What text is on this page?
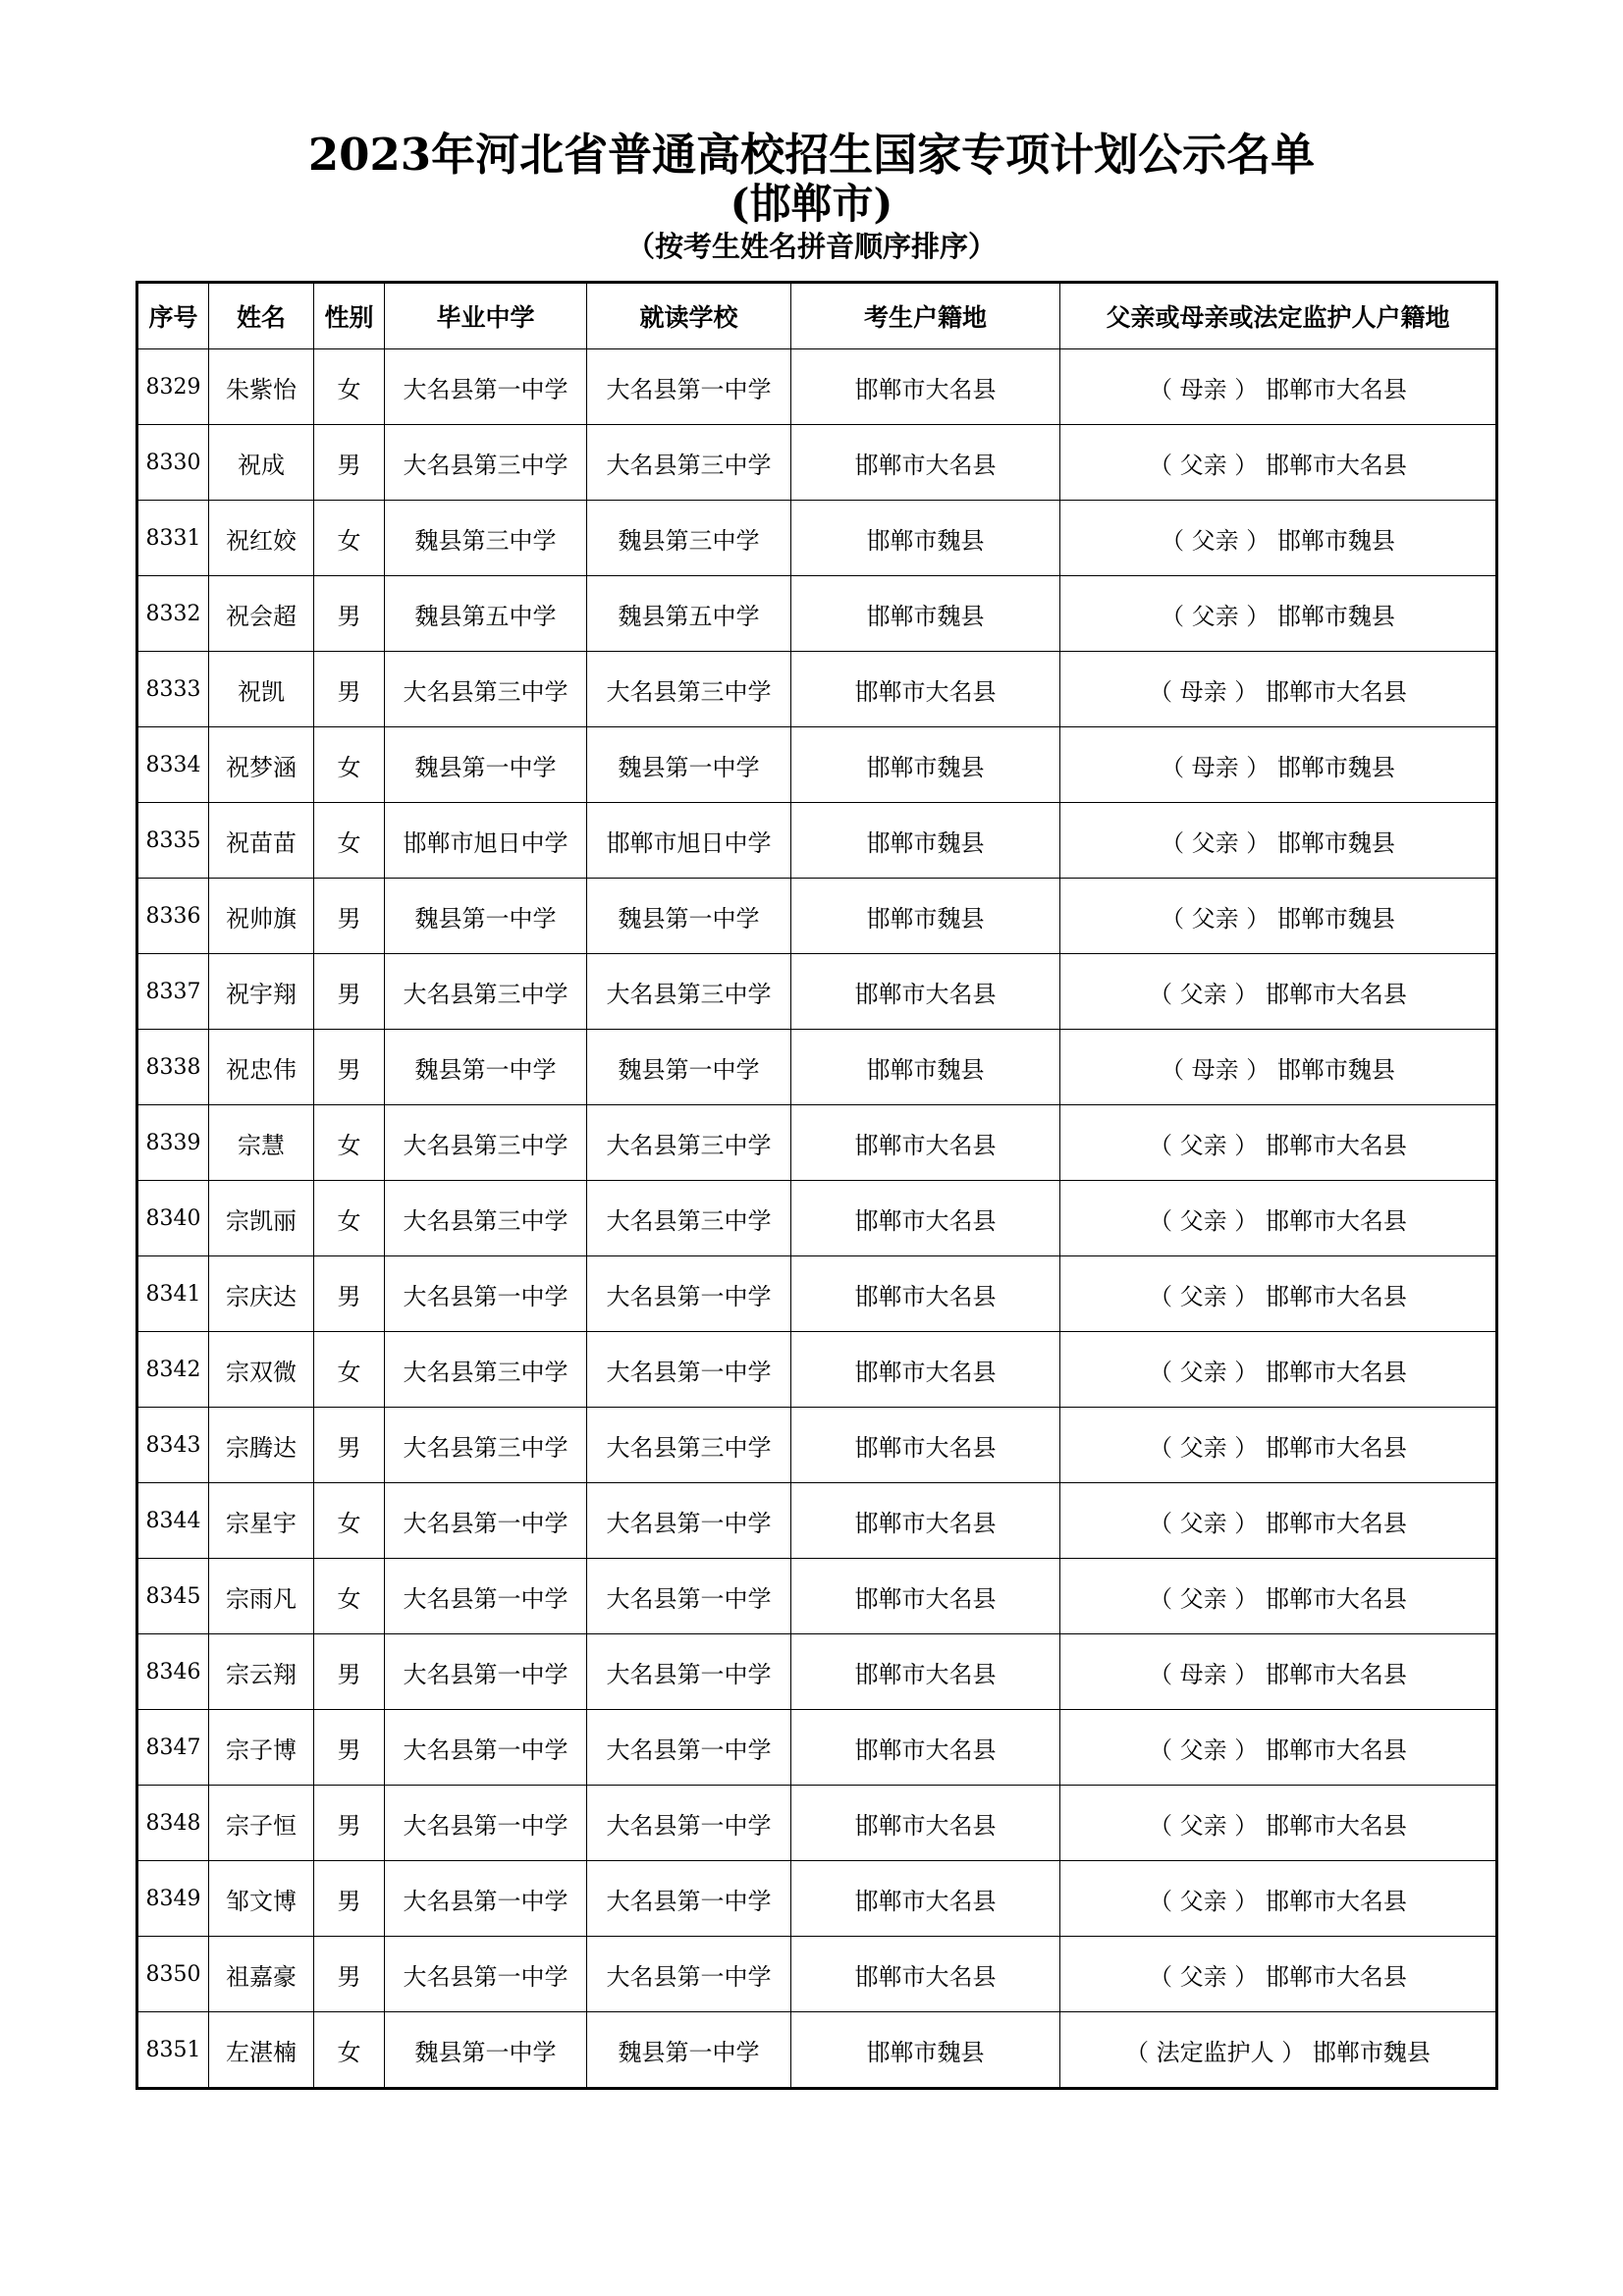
2023年河北省普通高校招生国家专项计划公示名单
(邯郸市)
（按考生姓名拼音顺序排序）
序号	姓名	性别	毕业中学	就读学校	考生户籍地	父亲或母亲或法定监护人户籍地
8329	朱紫怡	女	大名县第一中学	大名县第一中学	邯郸市大名县	（ 母亲 ） 邯郸市大名县
8330	祝成	男	大名县第三中学	大名县第三中学	邯郸市大名县	（ 父亲 ） 邯郸市大名县
8331	祝红姣	女	魏县第三中学	魏县第三中学	邯郸市魏县	（ 父亲 ） 邯郸市魏县
8332	祝会超	男	魏县第五中学	魏县第五中学	邯郸市魏县	（ 父亲 ） 邯郸市魏县
8333	祝凯	男	大名县第三中学	大名县第三中学	邯郸市大名县	（ 母亲 ） 邯郸市大名县
8334	祝梦涵	女	魏县第一中学	魏县第一中学	邯郸市魏县	（ 母亲 ） 邯郸市魏县
8335	祝苗苗	女	邯郸市旭日中学	邯郸市旭日中学	邯郸市魏县	（ 父亲 ） 邯郸市魏县
8336	祝帅旗	男	魏县第一中学	魏县第一中学	邯郸市魏县	（ 父亲 ） 邯郸市魏县
8337	祝宇翔	男	大名县第三中学	大名县第三中学	邯郸市大名县	（ 父亲 ） 邯郸市大名县
8338	祝忠伟	男	魏县第一中学	魏县第一中学	邯郸市魏县	（ 母亲 ） 邯郸市魏县
8339	宗慧	女	大名县第三中学	大名县第三中学	邯郸市大名县	（ 父亲 ） 邯郸市大名县
8340	宗凯丽	女	大名县第三中学	大名县第三中学	邯郸市大名县	（ 父亲 ） 邯郸市大名县
8341	宗庆达	男	大名县第一中学	大名县第一中学	邯郸市大名县	（ 父亲 ） 邯郸市大名县
8342	宗双微	女	大名县第三中学	大名县第一中学	邯郸市大名县	（ 父亲 ） 邯郸市大名县
8343	宗腾达	男	大名县第三中学	大名县第三中学	邯郸市大名县	（ 父亲 ） 邯郸市大名县
8344	宗星宇	女	大名县第一中学	大名县第一中学	邯郸市大名县	（ 父亲 ） 邯郸市大名县
8345	宗雨凡	女	大名县第一中学	大名县第一中学	邯郸市大名县	（ 父亲 ） 邯郸市大名县
8346	宗云翔	男	大名县第一中学	大名县第一中学	邯郸市大名县	（ 母亲 ） 邯郸市大名县
8347	宗子博	男	大名县第一中学	大名县第一中学	邯郸市大名县	（ 父亲 ） 邯郸市大名县
8348	宗子恒	男	大名县第一中学	大名县第一中学	邯郸市大名县	（ 父亲 ） 邯郸市大名县
8349	邹文博	男	大名县第一中学	大名县第一中学	邯郸市大名县	（ 父亲 ） 邯郸市大名县
8350	祖嘉豪	男	大名县第一中学	大名县第一中学	邯郸市大名县	（ 父亲 ） 邯郸市大名县
8351	左湛楠	女	魏县第一中学	魏县第一中学	邯郸市魏县	（ 法定监护人 ） 邯郸市魏县
